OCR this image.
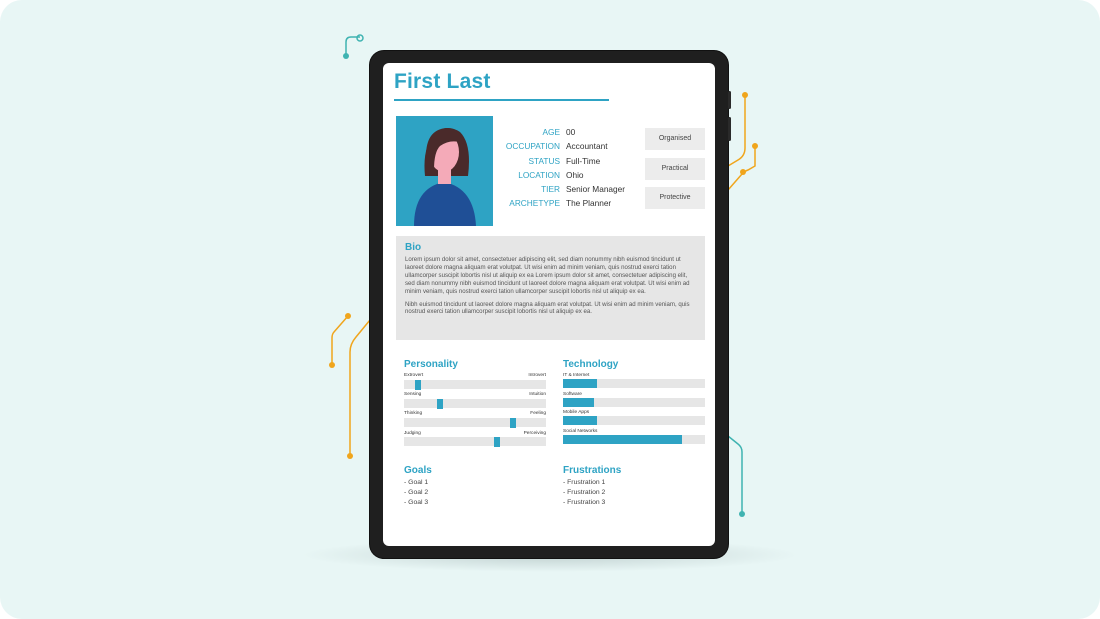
First Last
AGE 00
OCCUPATION Accountant
STATUS Full-Time
LOCATION Ohio
TIER Senior Manager
ARCHETYPE The Planner
Organised
Practical
Protective
Bio

Lorem ipsum dolor sit amet, consectetuer adipiscing elit, sed diam nonummy nibh euismod tincidunt ut laoreet dolore magna aliquam erat volutpat. Ut wisi enim ad minim veniam, quis nostrud exerci tation ullamcorper suscipit lobortis nisl ut aliquip ex ea Lorem ipsum dolor sit amet, consectetuer adipiscing elit, sed diam nonummy nibh euismod tincidunt ut laoreet dolore magna aliquam erat volutpat. Ut wisi enim ad minim veniam, quis nostrud exerci tation ullamcorper suscipit lobortis nisl ut aliquip ex ea.

Nibh euismod tincidunt ut laoreet dolore magna aliquam erat volutpat. Ut wisi enim ad minim veniam, quis nostrud exerci tation ullamcorper suscipit lobortis nisl ut aliquip ex ea.

Personality
Extrovert	Introvert
Sensing	Intuition
Thinking	Feeling
Judging	Perceiving
Technology
IT & Internet
Software
Mobile Apps
Social Networks
Goals
- Goal 1
- Goal 2
- Goal 3
Frustrations
- Frustration 1
- Frustration 2
- Frustration 3
